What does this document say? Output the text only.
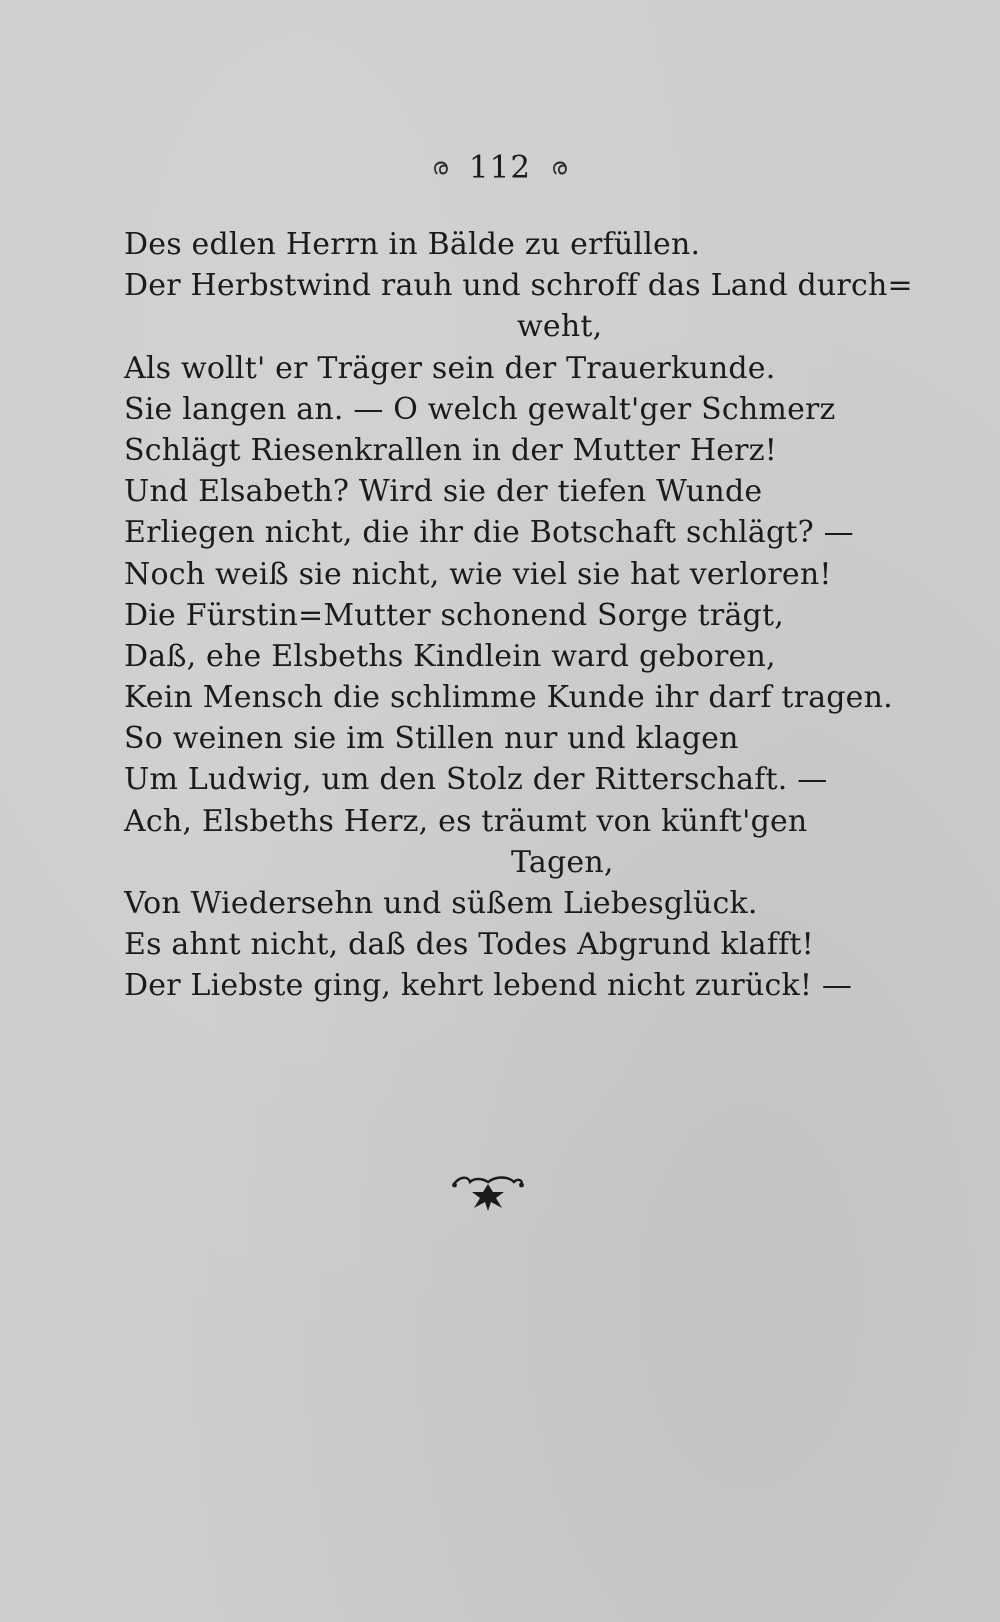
ര 112 ര
Des edlen Herrn in Bälde zu erfüllen.
Der Herbstwind rauh und schroff das Land durch=
weht,
Als wollt' er Träger sein der Trauerkunde.
Sie langen an. — O welch gewalt'ger Schmerz
Schlägt Riesenkrallen in der Mutter Herz!
Und Elsabeth? Wird sie der tiefen Wunde
Erliegen nicht, die ihr die Botschaft schlägt? —
Noch weiß sie nicht, wie viel sie hat verloren!
Die Fürstin=Mutter schonend Sorge trägt,
Daß, ehe Elsbeths Kindlein ward geboren,
Kein Mensch die schlimme Kunde ihr darf tragen.
So weinen sie im Stillen nur und klagen
Um Ludwig, um den Stolz der Ritterschaft. —
Ach, Elsbeths Herz, es träumt von künft'gen
Tagen,
Von Wiedersehn und süßem Liebesglück.
Es ahnt nicht, daß des Todes Abgrund klafft!
Der Liebste ging, kehrt lebend nicht zurück! —
